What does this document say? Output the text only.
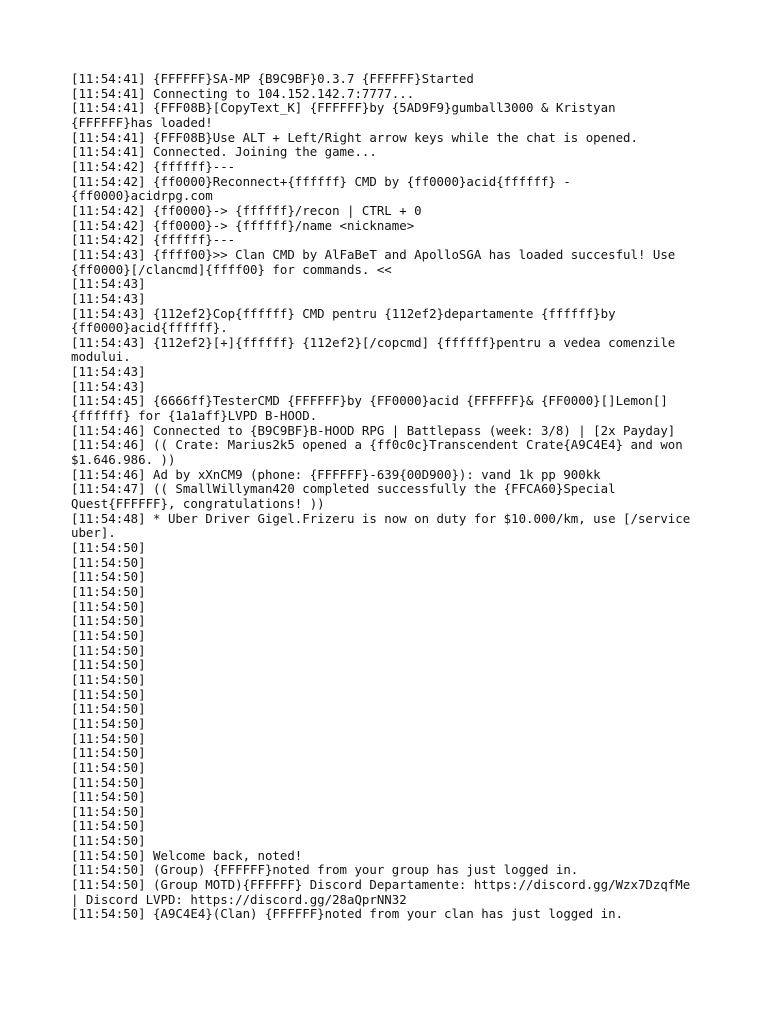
[11:54:41] {FFFFFF}SA-MP {B9C9BF}0.3.7 {FFFFFF}Started
[11:54:41] Connecting to 104.152.142.7:7777...
[11:54:41] {FFF08B}[CopyText_K] {FFFFFF}by {5AD9F9}gumball3000 & Kristyan
{FFFFFF}has loaded!
[11:54:41] {FFF08B}Use ALT + Left/Right arrow keys while the chat is opened.
[11:54:41] Connected. Joining the game...
[11:54:42] {ffffff}---
[11:54:42] {ff0000}Reconnect+{ffffff} CMD by {ff0000}acid{ffffff} -
{ff0000}acidrpg.com
[11:54:42] {ff0000}-> {ffffff}/recon | CTRL + 0
[11:54:42] {ff0000}-> {ffffff}/name <nickname>
[11:54:42] {ffffff}---
[11:54:43] {ffff00}>> Clan CMD by AlFaBeT and ApolloSGA has loaded succesful! Use
{ff0000}[/clancmd]{ffff00} for commands. <<
[11:54:43]
[11:54:43]
[11:54:43] {112ef2}Cop{ffffff} CMD pentru {112ef2}departamente {ffffff}by
{ff0000}acid{ffffff}.
[11:54:43] {112ef2}[+]{ffffff} {112ef2}[/copcmd] {ffffff}pentru a vedea comenzile
modului.
[11:54:43]
[11:54:43]
[11:54:45] {6666ff}TesterCMD {FFFFFF}by {FF0000}acid {FFFFFF}& {FF0000}[]Lemon[]
{ffffff} for {1a1aff}LVPD B-HOOD.
[11:54:46] Connected to {B9C9BF}B-HOOD RPG | Battlepass (week: 3/8) | [2x Payday]
[11:54:46] (( Crate: Marius2k5 opened a {ff0c0c}Transcendent Crate{A9C4E4} and won
$1.646.986. ))
[11:54:46] Ad by xXnCM9 (phone: {FFFFFF}-639{00D900}): vand 1k pp 900kk
[11:54:47] (( SmallWillyman420 completed successfully the {FFCA60}Special
Quest{FFFFFF}, congratulations! ))
[11:54:48] * Uber Driver Gigel.Frizeru is now on duty for $10.000/km, use [/service
uber].
[11:54:50]
[11:54:50]
[11:54:50]
[11:54:50]
[11:54:50]
[11:54:50]
[11:54:50]
[11:54:50]
[11:54:50]
[11:54:50]
[11:54:50]
[11:54:50]
[11:54:50]
[11:54:50]
[11:54:50]
[11:54:50]
[11:54:50]
[11:54:50]
[11:54:50]
[11:54:50]
[11:54:50]
[11:54:50] Welcome back, noted!
[11:54:50] (Group) {FFFFFF}noted from your group has just logged in.
[11:54:50] (Group MOTD){FFFFFF} Discord Departamente: https://discord.gg/Wzx7DzqfMe
| Discord LVPD: https://discord.gg/28aQprNN32
[11:54:50] {A9C4E4}(Clan) {FFFFFF}noted from your clan has just logged in.
